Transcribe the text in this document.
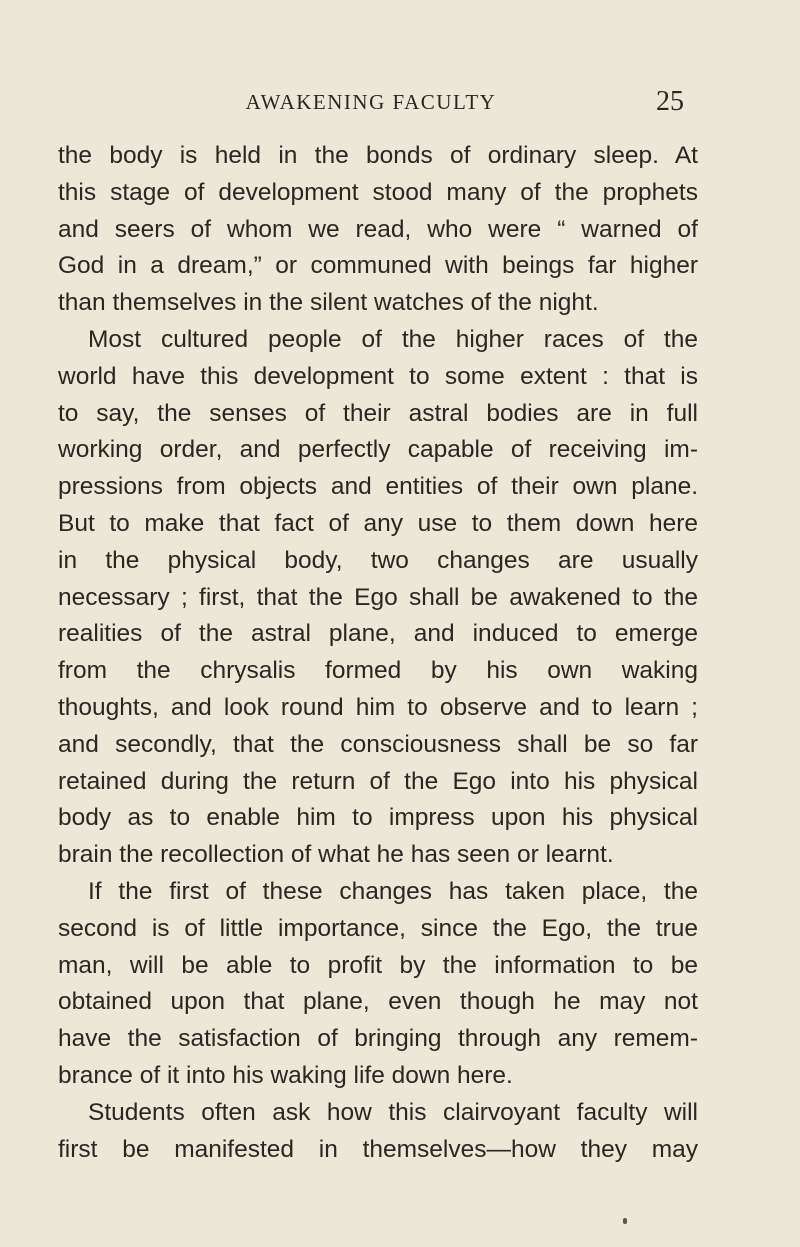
AWAKENING FACULTY	25
the body is held in the bonds of ordinary sleep. At
this stage of development stood many of the prophets
and seers of whom we read, who were “ warned of
God in a dream,” or communed with beings far higher
than themselves in the silent watches of the night.
Most cultured people of the higher races of the
world have this development to some extent : that is
to say, the senses of their astral bodies are in full
working order, and perfectly capable of receiving im-
pressions from objects and entities of their own plane.
But to make that fact of any use to them down here
in the physical body, two changes are usually
necessary ; first, that the Ego shall be awakened to the
realities of the astral plane, and induced to emerge
from the chrysalis formed by his own waking
thoughts, and look round him to observe and to learn ;
and secondly, that the consciousness shall be so far
retained during the return of the Ego into his physical
body as to enable him to impress upon his physical
brain the recollection of what he has seen or learnt.
If the first of these changes has taken place, the
second is of little importance, since the Ego, the true
man, will be able to profit by the information to be
obtained upon that plane, even though he may not
have the satisfaction of bringing through any remem-
brance of it into his waking life down here.
Students often ask how this clairvoyant faculty will
first be manifested in themselves—how they may
